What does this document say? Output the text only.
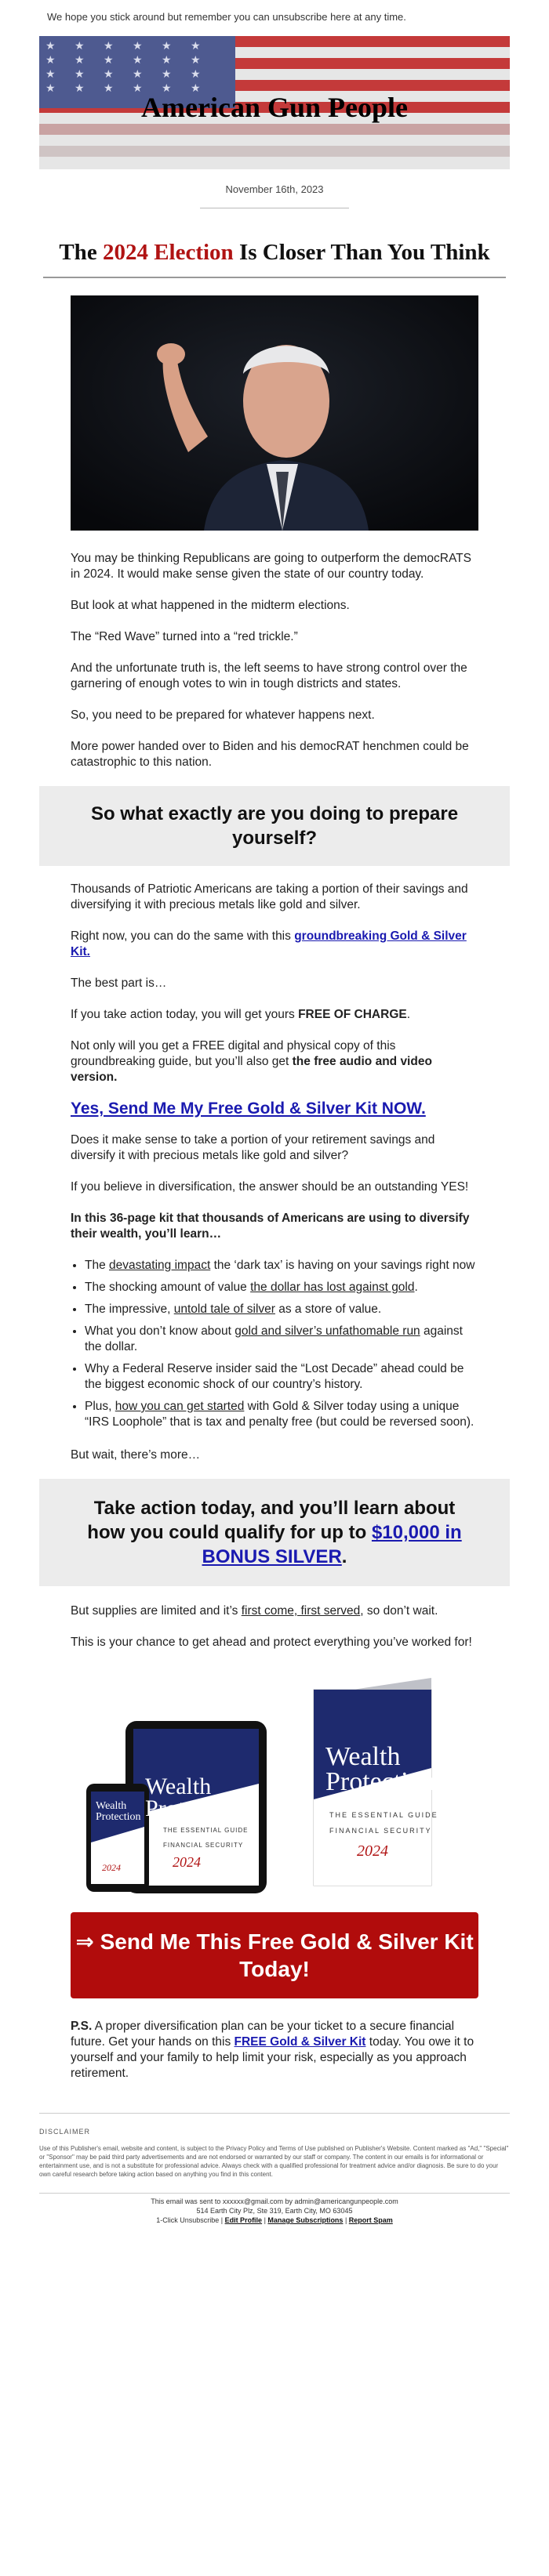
We hope you stick around but remember you can unsubscribe here at any time.
★ ★ ★ ★ ★ ★ ★ ★ ★ ★ ★ ★ ★ ★ ★ ★ ★ ★ ★ ★ ★ ★ ★ ★
American Gun People
November 16th, 2023
The 2024 Election Is Closer Than You Think

You may be thinking Republicans are going to outperform the democRATS in 2024. It would make sense given the state of our country today.

But look at what happened in the midterm elections.

The “Red Wave” turned into a “red trickle.”

And the unfortunate truth is, the left seems to have strong control over the garnering of enough votes to win in tough districts and states.

So, you need to be prepared for whatever happens next.

More power handed over to Biden and his democRAT henchmen could be catastrophic to this nation.

So what exactly are you doing to prepare yourself?

Thousands of Patriotic Americans are taking a portion of their savings and diversifying it with precious metals like gold and silver.

Right now, you can do the same with this groundbreaking Gold & Silver Kit.

The best part is…

If you take action today, you will get yours FREE OF CHARGE.

Not only will you get a FREE digital and physical copy of this groundbreaking guide, but you’ll also get the free audio and video version.

Yes, Send Me My Free Gold & Silver Kit NOW.

Does it make sense to take a portion of your retirement savings and diversify it with precious metals like gold and silver?

If you believe in diversification, the answer should be an outstanding YES!

In this 36-page kit that thousands of Americans are using to diversify their wealth, you’ll learn…

• The devastating impact the ‘dark tax’ is having on your savings right now
• The shocking amount of value the dollar has lost against gold.
• The impressive, untold tale of silver as a store of value.
• What you don’t know about gold and silver’s unfathomable run against the dollar.
• Why a Federal Reserve insider said the “Lost Decade” ahead could be the biggest economic shock of our country’s history.
• Plus, how you can get started with Gold & Silver today using a unique “IRS Loophole” that is tax and penalty free (but could be reversed soon).

But wait, there’s more…

Take action today, and you’ll learn about how you could qualify for up to $10,000 in BONUS SILVER.

But supplies are limited and it’s first come, first served, so don’t wait.

This is your chance to get ahead and protect everything you’ve worked for!

Wealth
Protection
THE ESSENTIAL GUIDE
FINANCIAL SECURITY
2024
Wealth
Protection
THE ESSENTIAL GUIDE
FINANCIAL SECURITY
2024
Wealth
Protection
2024
⇒ Send Me This Free Gold & Silver Kit Today!

P.S. A proper diversification plan can be your ticket to a secure financial future. Get your hands on this FREE Gold & Silver Kit today. You owe it to yourself and your family to help limit your risk, especially as you approach retirement.

DISCLAIMER
Use of this Publisher's email, website and content, is subject to the Privacy Policy and Terms of Use published on Publisher's Website. Content marked as "Ad," "Special" or "Sponsor" may be paid third party advertisements and are not endorsed or warranted by our staff or company. The content in our emails is for informational or entertainment use, and is not a substitute for professional advice. Always check with a qualified professional for treatment advice and/or diagnosis. Be sure to do your own careful research before taking action based on anything you find in this content.
This email was sent to xxxxxx@gmail.com by admin@americangunpeople.com
514 Earth City Plz, Ste 319, Earth City, MO 63045
1-Click Unsubscribe | Edit Profile | Manage Subscriptions | Report Spam
